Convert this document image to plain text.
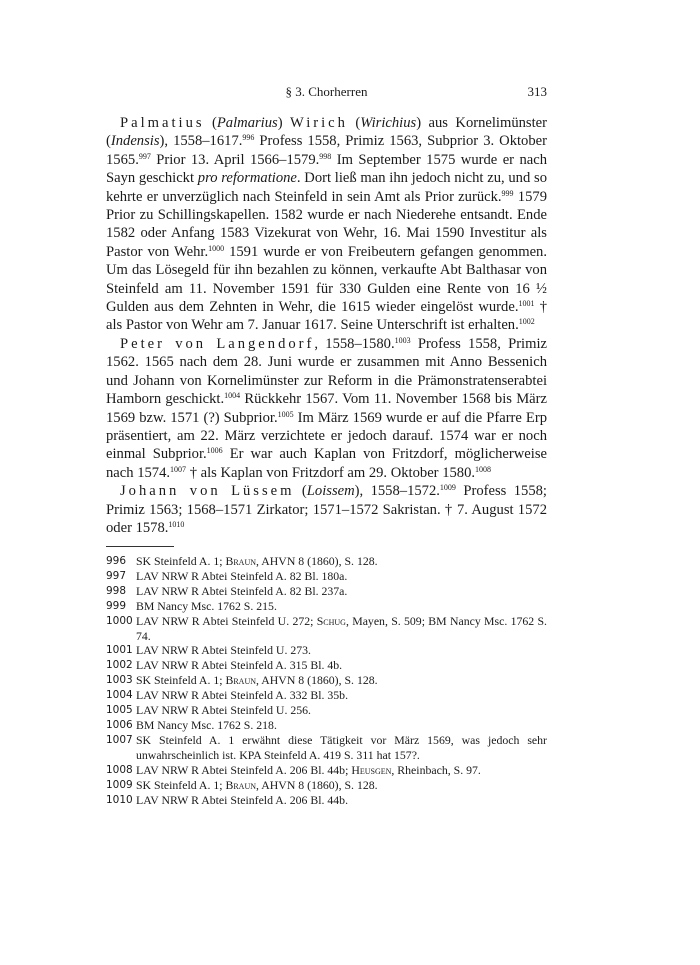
§ 3. Chorherren	313

Palmatius (Palmarius) Wirich (Wirichius) aus Kornelimünster (Indensis), 1558–1617.$^{996}$ Profess 1558, Primiz 1563, Subprior 3. Oktober 1565.$^{997}$ Prior 13. April 1566–1579.$^{998}$ Im September 1575 wurde er nach Sayn geschickt pro reformatione. Dort ließ man ihn jedoch nicht zu, und so kehrte er unverzüglich nach Steinfeld in sein Amt als Prior zurück.$^{999}$ 1579 Prior zu Schillingskapellen. 1582 wurde er nach Niederehe entsandt. Ende 1582 oder Anfang 1583 Vizekurat von Wehr, 16. Mai 1590 Investitur als Pastor von Wehr.$^{1000}$ 1591 wurde er von Freibeutern gefangen genommen. Um das Lösegeld für ihn bezahlen zu können, verkaufte Abt Balthasar von Steinfeld am 11. November 1591 für 330 Gulden eine Rente von 16 ½ Gulden aus dem Zehnten in Wehr, die 1615 wieder eingelöst wurde.$^{1001}$ † als Pastor von Wehr am 7. Januar 1617. Seine Unterschrift ist erhalten.$^{1002}$

Peter von Langendorf, 1558–1580.$^{1003}$ Profess 1558, Primiz 1562. 1565 nach dem 28. Juni wurde er zusammen mit Anno Bessenich und Johann von Kornelimünster zur Reform in die Prämonstratenserabtei Hamborn geschickt.$^{1004}$ Rückkehr 1567. Vom 11. November 1568 bis März 1569 bzw. 1571 (?) Subprior.$^{1005}$ Im März 1569 wurde er auf die Pfarre Erp präsentiert, am 22. März verzichtete er jedoch darauf. 1574 war er noch einmal Subprior.$^{1006}$ Er war auch Kaplan von Fritzdorf, möglicherweise nach 1574.$^{1007}$ † als Kaplan von Fritzdorf am 29. Oktober 1580.$^{1008}$

Johann von Lüssem (Loissem), 1558–1572.$^{1009}$ Profess 1558; Primiz 1563; 1568–1571 Zirkator; 1571–1572 Sakristan. † 7. August 1572 oder 1578.$^{1010}$

996 SK Steinfeld A. 1; Braun, AHVN 8 (1860), S. 128.
997 LAV NRW R Abtei Steinfeld A. 82 Bl. 180a.
998 LAV NRW R Abtei Steinfeld A. 82 Bl. 237a.
999 BM Nancy Msc. 1762 S. 215.
1000 LAV NRW R Abtei Steinfeld U. 272; Schug, Mayen, S. 509; BM Nancy Msc. 1762 S. 74.
1001 LAV NRW R Abtei Steinfeld U. 273.
1002 LAV NRW R Abtei Steinfeld A. 315 Bl. 4b.
1003 SK Steinfeld A. 1; Braun, AHVN 8 (1860), S. 128.
1004 LAV NRW R Abtei Steinfeld A. 332 Bl. 35b.
1005 LAV NRW R Abtei Steinfeld U. 256.
1006 BM Nancy Msc. 1762 S. 218.
1007 SK Steinfeld A. 1 erwähnt diese Tätigkeit vor März 1569, was jedoch sehr unwahrscheinlich ist. KPA Steinfeld A. 419 S. 311 hat 157?.
1008 LAV NRW R Abtei Steinfeld A. 206 Bl. 44b; Heusgen, Rheinbach, S. 97.
1009 SK Steinfeld A. 1; Braun, AHVN 8 (1860), S. 128.
1010 LAV NRW R Abtei Steinfeld A. 206 Bl. 44b.
